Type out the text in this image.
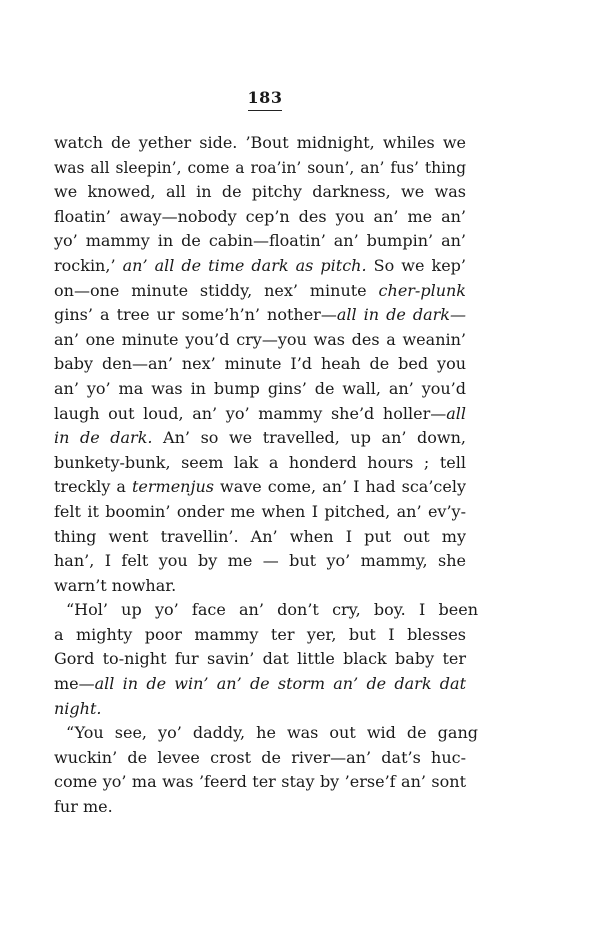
183
watch de yether side. ’Bout midnight, whiles we
was all sleepin’, come a roa’in’ soun’, an’ fus’ thing
we knowed, all in de pitchy darkness, we was
floatin’ away—nobody cep’n des you an’ me an’
yo’ mammy in de cabin—floatin’ an’ bumpin’ an’
rockin,’ an’ all de time dark as pitch. So we kep’
on—one minute stiddy, nex’ minute cher-plunk
gins’ a tree ur some’h’n’ nother—all in de dark—
an’ one minute you’d cry—you was des a weanin’
baby den—an’ nex’ minute I’d heah de bed you
an’ yo’ ma was in bump gins’ de wall, an’ you’d
laugh out loud, an’ yo’ mammy she’d holler—all
in de dark. An’ so we travelled, up an’ down,
bunkety-bunk, seem lak a honderd hours ; tell
treckly a termenjus wave come, an’ I had sca’cely
felt it boomin’ onder me when I pitched, an’ ev’y-
thing went travellin’. An’ when I put out my
han’, I felt you by me — but yo’ mammy, she
warn’t nowhar.
“Hol’ up yo’ face an’ don’t cry, boy. I been
a mighty poor mammy ter yer, but I blesses
Gord to-night fur savin’ dat little black baby ter
me—all in de win’ an’ de storm an’ de dark dat
night.
“You see, yo’ daddy, he was out wid de gang
wuckin’ de levee crost de river—an’ dat’s huc-
come yo’ ma was ’feerd ter stay by ’erse’f an’ sont
fur me.
